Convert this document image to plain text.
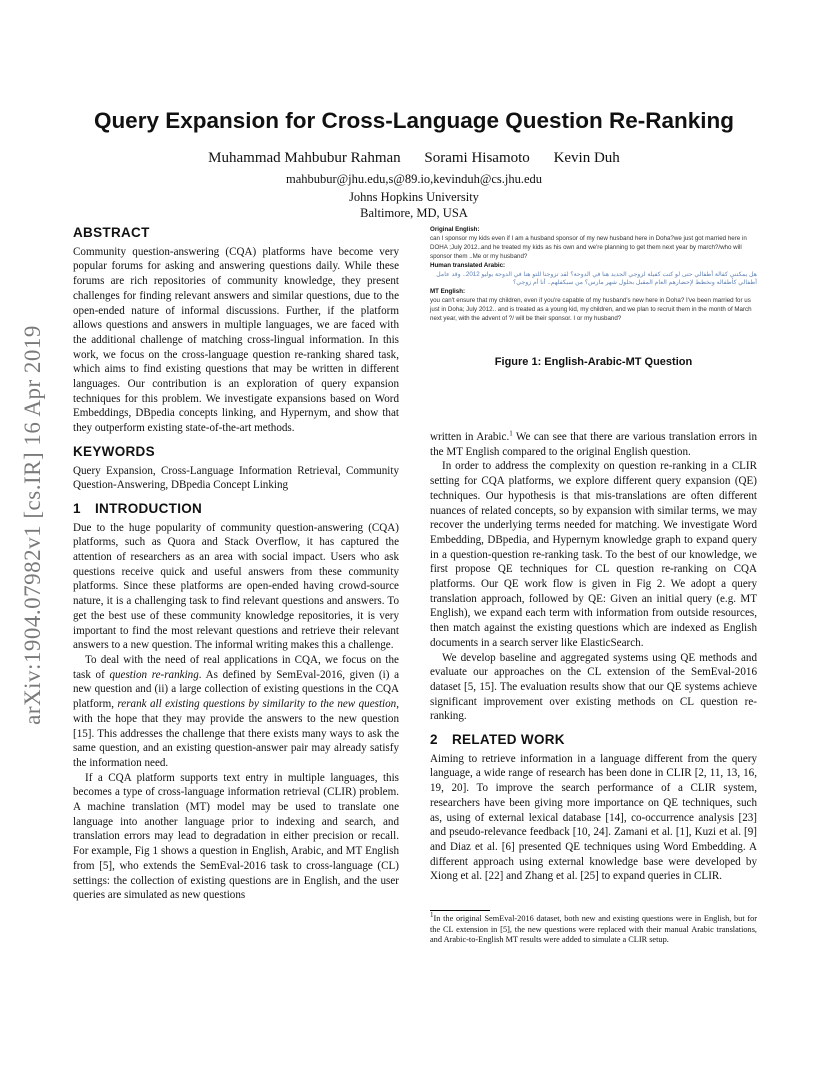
arXiv:1904.07982v1 [cs.IR] 16 Apr 2019
Query Expansion for Cross-Language Question Re-Ranking
Muhammad Mahbubur Rahman Sorami Hisamoto Kevin Duh
mahbubur@jhu.edu,s@89.io,kevinduh@cs.jhu.edu
Johns Hopkins University
Baltimore, MD, USA
ABSTRACT

Community question-answering (CQA) platforms have become very popular forums for asking and answering questions daily. While these forums are rich repositories of community knowledge, they present challenges for finding relevant answers and similar questions, due to the open-ended nature of informal discussions. Further, if the platform allows questions and answers in multiple languages, we are faced with the additional challenge of matching cross-lingual information. In this work, we focus on the cross-language question re-ranking shared task, which aims to find existing questions that may be written in different languages. Our contribution is an exploration of query expansion techniques for this problem. We investigate expansions based on Word Embeddings, DBpedia concepts linking, and Hypernym, and show that they outperform existing state-of-the-art methods.

KEYWORDS

Query Expansion, Cross-Language Information Retrieval, Community Question-Answering, DBpedia Concept Linking

1 INTRODUCTION

Due to the huge popularity of community question-answering (CQA) platforms, such as Quora and Stack Overflow, it has captured the attention of researchers as an area with social impact. Users who ask questions receive quick and useful answers from these community platforms. Since these platforms are open-ended having crowd-source nature, it is a challenging task to find relevant questions and answers. To get the best use of these community knowledge repositories, it is very important to find the most relevant questions and retrieve their relevant answers to a new question. The informal writing makes this a challenge.

To deal with the need of real applications in CQA, we focus on the task of question re-ranking. As defined by SemEval-2016, given (i) a new question and (ii) a large collection of existing questions in the CQA platform, rerank all existing questions by similarity to the new question, with the hope that they may provide the answers to the new question [15]. This addresses the challenge that there exists many ways to ask the same question, and an existing question-answer pair may already satisfy the information need.

If a CQA platform supports text entry in multiple languages, this becomes a type of cross-language information retrieval (CLIR) problem. A machine translation (MT) model may be used to translate one language into another language prior to indexing and search, and translation errors may lead to degradation in either precision or recall. For example, Fig 1 shows a question in English, Arabic, and MT English from [5], who extends the SemEval-2016 task to cross-language (CL) settings: the collection of existing questions are in English, and the user queries are simulated as new questions

Original English:
can I sponsor my kids even if I am a husband sponsor of my new husband here in Doha?we just got married here in DOHA ;July 2012..and he treated my kids as his own and we're planning to get them next year by march?/who will sponsor them ..Me or my husband?
Human translated Arabic:
هل يمكنني كفالة أطفالي حتى لو كنت كفيلة لزوجي الجديد هنا في الدوحة؟ لقد تزوجنا للتو هنا في الدوحة يوليو 2012.. وقد عامل أطفالي كأطفاله ونخطط لإحضارهم العام المقبل بحلول شهر مارس؟ من سيكفلهم.. أنا أم زوجي؟
MT English:
you can't ensure that my children, even if you're capable of my husband's new here in Doha? I've been married for us just in Doha; July 2012.. and is treated as a young kid, my children, and we plan to recruit them in the month of March next year, with the advent of ?/ will be their sponsor. I or my husband?
Figure 1: English-Arabic-MT Question

written in Arabic.$^1$ We can see that there are various translation errors in the MT English compared to the original English question.

In order to address the complexity on question re-ranking in a CLIR setting for CQA platforms, we explore different query expansion (QE) techniques. Our hypothesis is that mis-translations are often different nuances of related concepts, so by expansion with similar terms, we may recover the underlying terms needed for matching. We investigate Word Embedding, DBpedia, and Hypernym knowledge graph to expand query in a question-question re-ranking task. To the best of our knowledge, we first propose QE techniques for CL question re-ranking on CQA platforms. Our QE work flow is given in Fig 2. We adopt a query translation approach, followed by QE: Given an initial query (e.g. MT English), we expand each term with information from outside resources, then match against the existing questions which are indexed as English documents in a search server like ElasticSearch.

We develop baseline and aggregated systems using QE methods and evaluate our approaches on the CL extension of the SemEval-2016 dataset [5, 15]. The evaluation results show that our QE systems achieve significant improvement over existing methods on CL question re-ranking.

2 RELATED WORK

Aiming to retrieve information in a language different from the query language, a wide range of research has been done in CLIR [2, 11, 13, 16, 19, 20]. To improve the search performance of a CLIR system, researchers have been giving more importance on QE techniques, such as, using of external lexical database [14], co-occurrence analysis [23] and pseudo-relevance feedback [10, 24]. Zamani et al. [1], Kuzi et al. [9] and Diaz et al. [6] presented QE techniques using Word Embedding. A different approach using external knowledge base were developed by Xiong et al. [22] and Zhang et al. [25] to expand queries in CLIR.

$^1$In the original SemEval-2016 dataset, both new and existing questions were in English, but for the CL extension in [5], the new questions were replaced with their manual Arabic translations, and Arabic-to-English MT results were added to simulate a CLIR setup.
